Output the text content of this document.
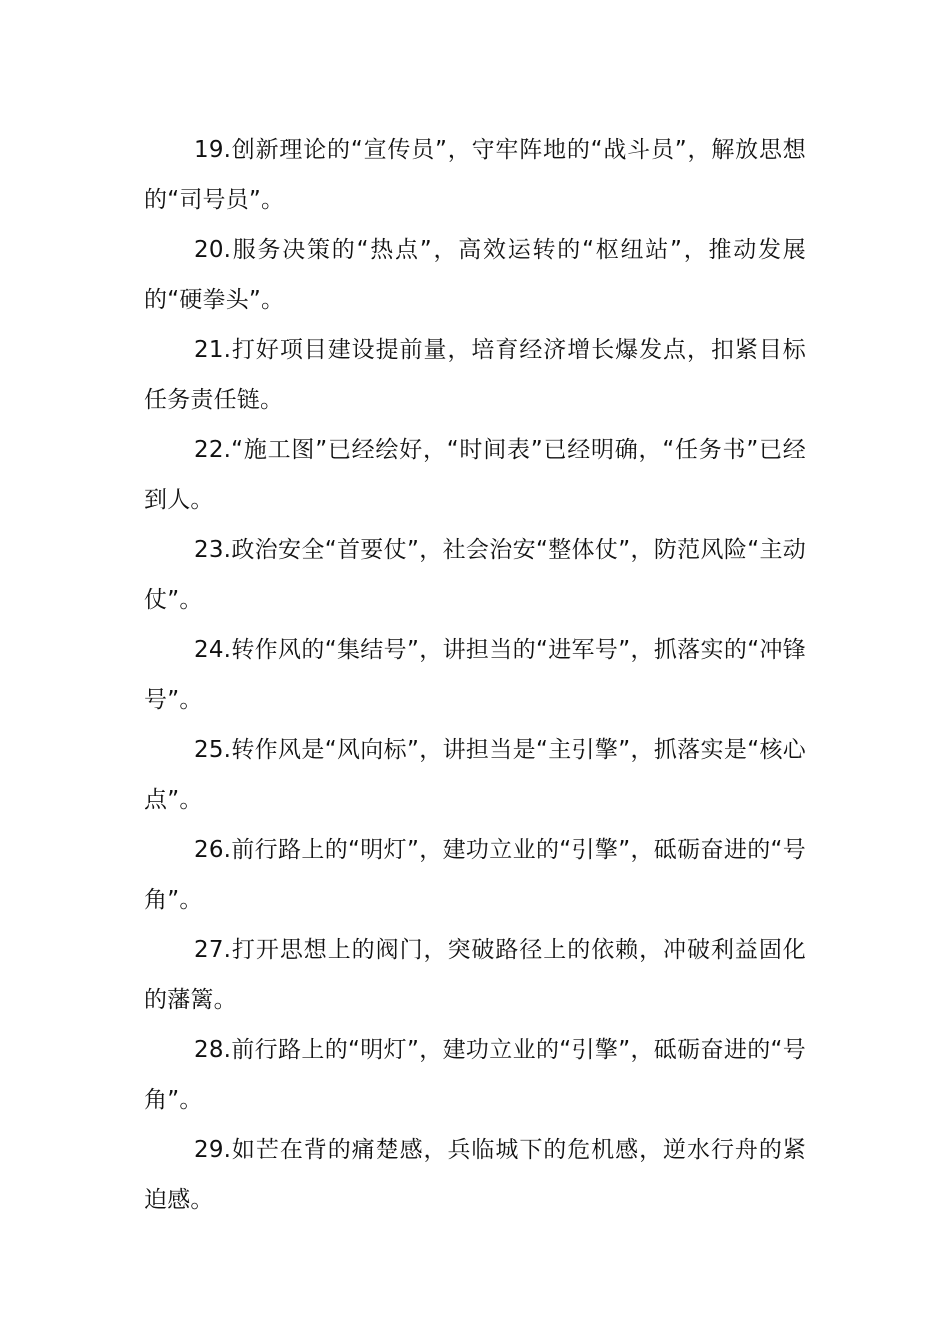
19.创新理论的“宣传员”，守牢阵地的“战斗员”，解放思想的“司号员”。

20.服务决策的“热点”，高效运转的“枢纽站”，推动发展的“硬拳头”。

21.打好项目建设提前量，培育经济增长爆发点，扣紧目标任务责任链。

22.“施工图”已经绘好，“时间表”已经明确，“任务书”已经到人。

23.政治安全“首要仗”，社会治安“整体仗”，防范风险“主动仗”。

24.转作风的“集结号”，讲担当的“进军号”，抓落实的“冲锋号”。

25.转作风是“风向标”，讲担当是“主引擎”，抓落实是“核心点”。

26.前行路上的“明灯”，建功立业的“引擎”，砥砺奋进的“号角”。

27.打开思想上的阀门，突破路径上的依赖，冲破利益固化的藩篱。

28.前行路上的“明灯”，建功立业的“引擎”，砥砺奋进的“号角”。

29.如芒在背的痛楚感，兵临城下的危机感，逆水行舟的紧迫感。
